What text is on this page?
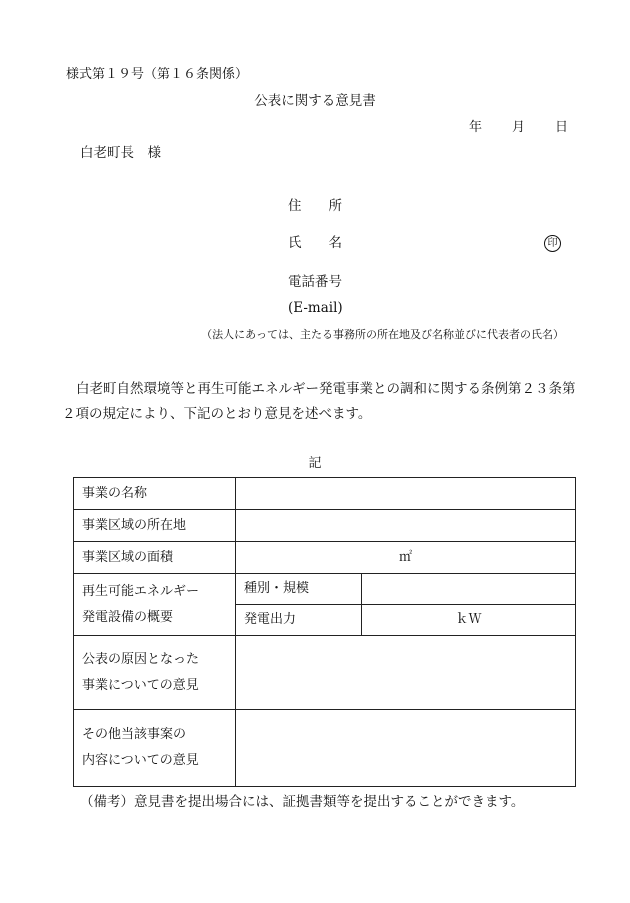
様式第１９号（第１６条関係）
公表に関する意見書
年 月 日
白老町長　様
住　　所
氏　　名	印
電話番号
(E-mail)
（法人にあっては、主たる事務所の所在地及び名称並びに代表者の氏名）
白老町自然環境等と再生可能エネルギー発電事業との調和に関する条例第２３条第２項の規定により、下記のとおり意見を述べます。
記
事業の名称		
事業区域の所在地		
事業区域の面積	㎡	

再生可能エネルギー
発電設備の概要	種別・規模	
	発電出力	ｋＷ

公表の原因となった
事業についての意見		

その他当該事案の
内容についての意見		

（備考）意見書を提出場合には、証拠書類等を提出することができます。
